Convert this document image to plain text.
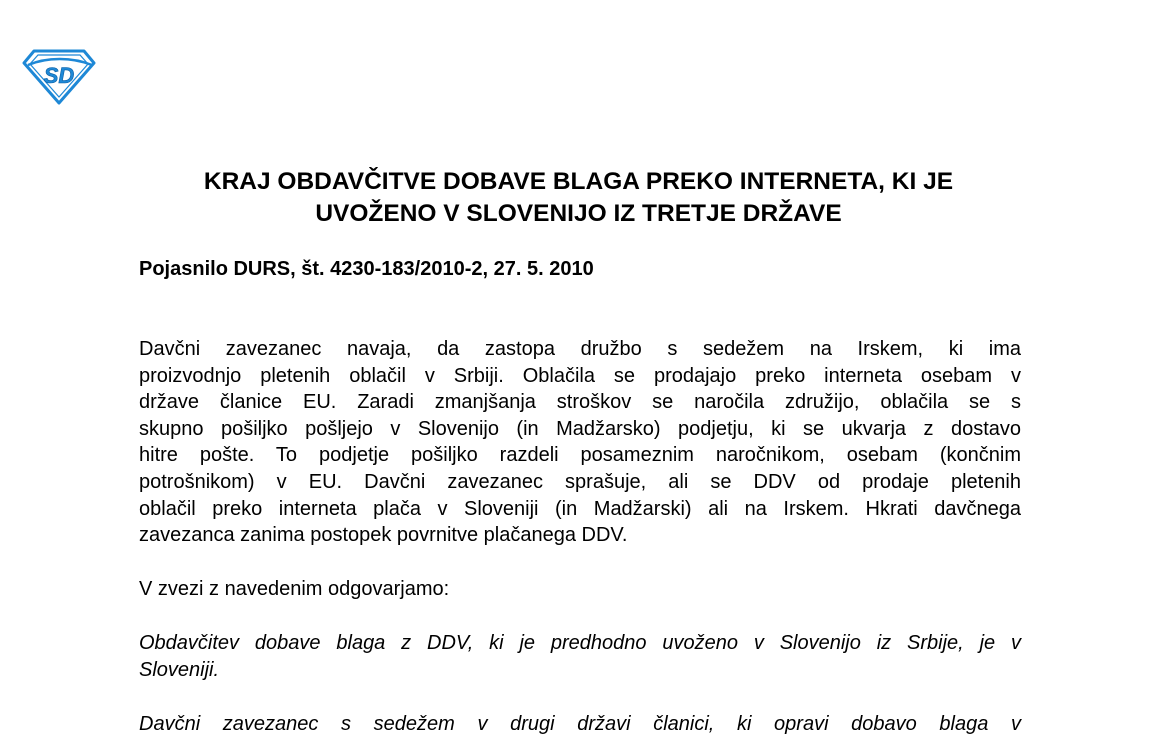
SD
KRAJ OBDAVČITVE DOBAVE BLAGA PREKO INTERNETA, KI JE
UVOŽENO V SLOVENIJO IZ TRETJE DRŽAVE
Pojasnilo DURS, št. 4230-183/2010-2, 27. 5. 2010
Davčni zavezanec navaja, da zastopa družbo s sedežem na Irskem, ki ima
proizvodnjo pletenih oblačil v Srbiji. Oblačila se prodajajo preko interneta osebam v
države članice EU. Zaradi zmanjšanja stroškov se naročila združijo, oblačila se s
skupno pošiljko pošljejo v Slovenijo (in Madžarsko) podjetju, ki se ukvarja z dostavo
hitre pošte. To podjetje pošiljko razdeli posameznim naročnikom, osebam (končnim
potrošnikom) v EU. Davčni zavezanec sprašuje, ali se DDV od prodaje pletenih
oblačil preko interneta plača v Sloveniji (in Madžarski) ali na Irskem. Hkrati davčnega
zavezanca zanima postopek povrnitve plačanega DDV.
V zvezi z navedenim odgovarjamo:
Obdavčitev dobave blaga z DDV, ki je predhodno uvoženo v Slovenijo iz Srbije, je v
Sloveniji.
Davčni zavezanec s sedežem v drugi državi članici, ki opravi dobavo blaga v
